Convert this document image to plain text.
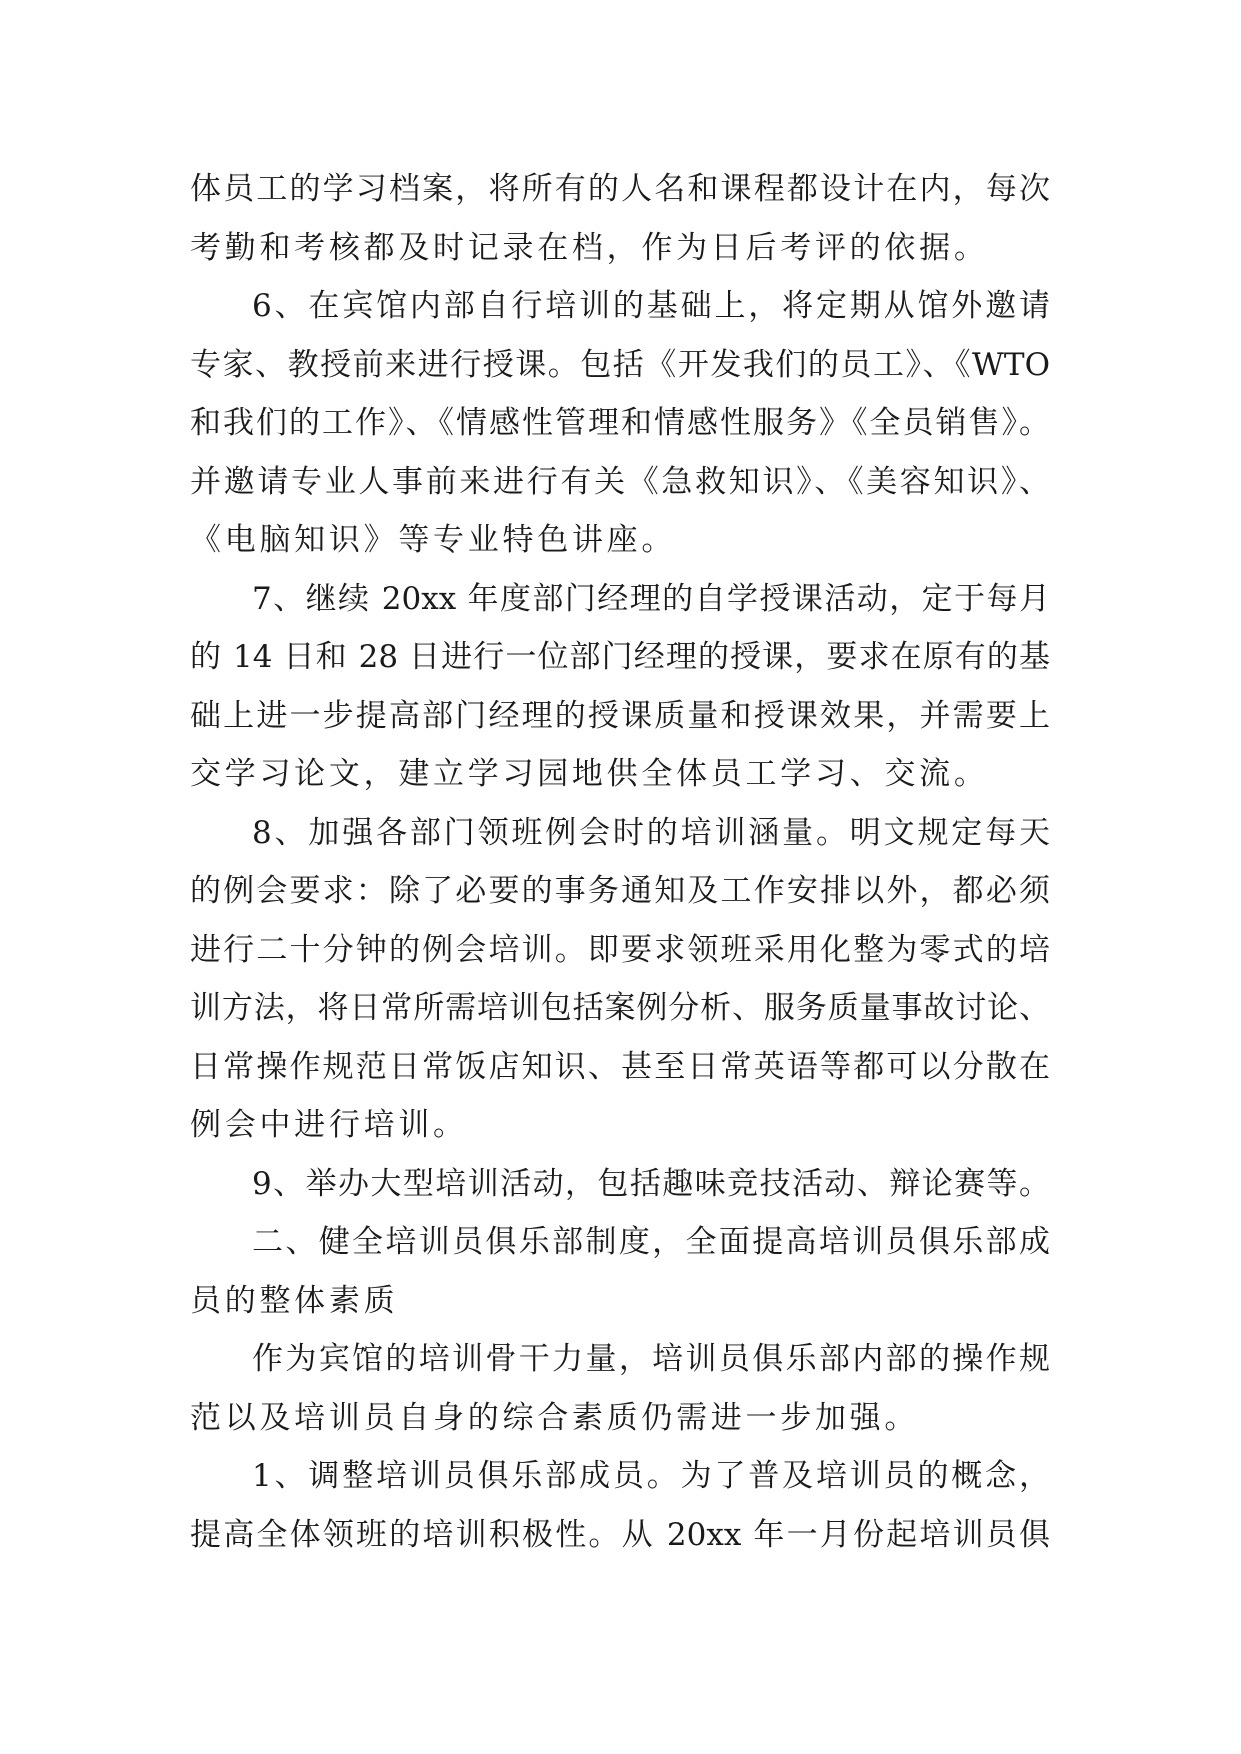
体员工的学习档案，将所有的人名和课程都设计在内，每次
考勤和考核都及时记录在档，作为日后考评的依据。
6、在宾馆内部自行培训的基础上，将定期从馆外邀请
专家、教授前来进行授课。包括《开发我们的员工》、《WTO
和我们的工作》、《情感性管理和情感性服务》《全员销售》。
并邀请专业人事前来进行有关《急救知识》、《美容知识》、
《电脑知识》等专业特色讲座。
7、继续 20xx 年度部门经理的自学授课活动，定于每月
的 14 日和 28 日进行一位部门经理的授课，要求在原有的基
础上进一步提高部门经理的授课质量和授课效果，并需要上
交学习论文，建立学习园地供全体员工学习、交流。
8、加强各部门领班例会时的培训涵量。明文规定每天
的例会要求：除了必要的事务通知及工作安排以外，都必须
进行二十分钟的例会培训。即要求领班采用化整为零式的培
训方法，将日常所需培训包括案例分析、服务质量事故讨论、
日常操作规范日常饭店知识、甚至日常英语等都可以分散在
例会中进行培训。
9、举办大型培训活动，包括趣味竞技活动、辩论赛等。
二、健全培训员俱乐部制度，全面提高培训员俱乐部成
员的整体素质
作为宾馆的培训骨干力量，培训员俱乐部内部的操作规
范以及培训员自身的综合素质仍需进一步加强。
1、调整培训员俱乐部成员。为了普及培训员的概念，
提高全体领班的培训积极性。从 20xx 年一月份起培训员俱
